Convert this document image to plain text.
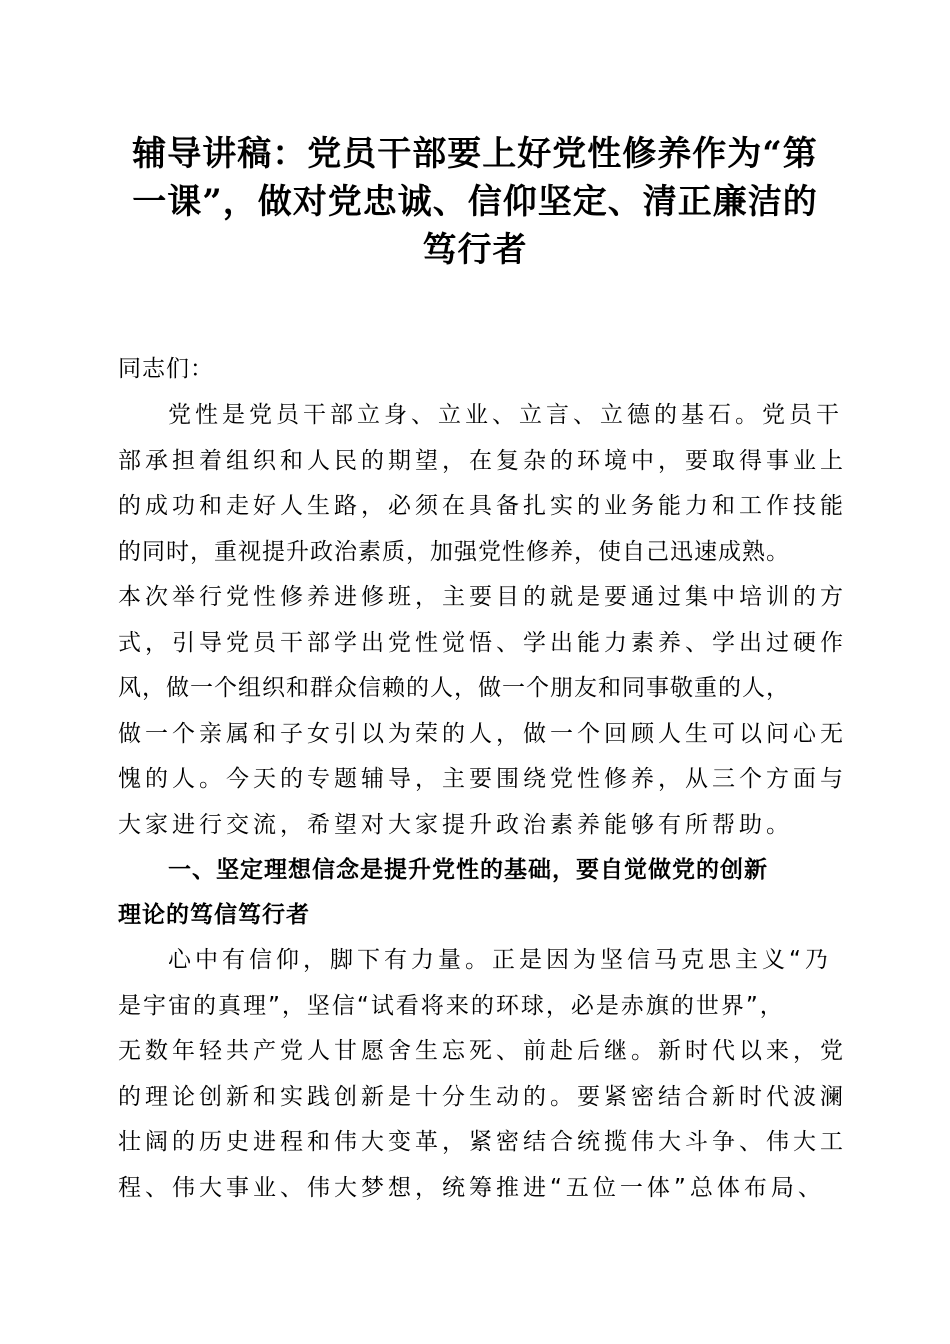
辅导讲稿：党员干部要上好党性修养作为“第
一课”，做对党忠诚、信仰坚定、清正廉洁的
笃行者

同志们：

党性是党员干部立身、立业、立言、立德的基石。党员干
部承担着组织和人民的期望，在复杂的环境中，要取得事业上
的成功和走好人生路，必须在具备扎实的业务能力和工作技能
的同时，重视提升政治素质，加强党性修养，使自己迅速成熟。
本次举行党性修养进修班，主要目的就是要通过集中培训的方
式，引导党员干部学出党性觉悟、学出能力素养、学出过硬作
风，做一个组织和群众信赖的人，做一个朋友和同事敬重的人，
做一个亲属和子女引以为荣的人，做一个回顾人生可以问心无
愧的人。今天的专题辅导，主要围绕党性修养，从三个方面与
大家进行交流，希望对大家提升政治素养能够有所帮助。

一、坚定理想信念是提升党性的基础，要自觉做党的创新
理论的笃信笃行者

心中有信仰，脚下有力量。正是因为坚信马克思主义“乃
是宇宙的真理”，坚信“试看将来的环球，必是赤旗的世界”，
无数年轻共产党人甘愿舍生忘死、前赴后继。新时代以来，党
的理论创新和实践创新是十分生动的。要紧密结合新时代波澜
壮阔的历史进程和伟大变革，紧密结合统揽伟大斗争、伟大工
程、伟大事业、伟大梦想，统筹推进“五位一体”总体布局、
